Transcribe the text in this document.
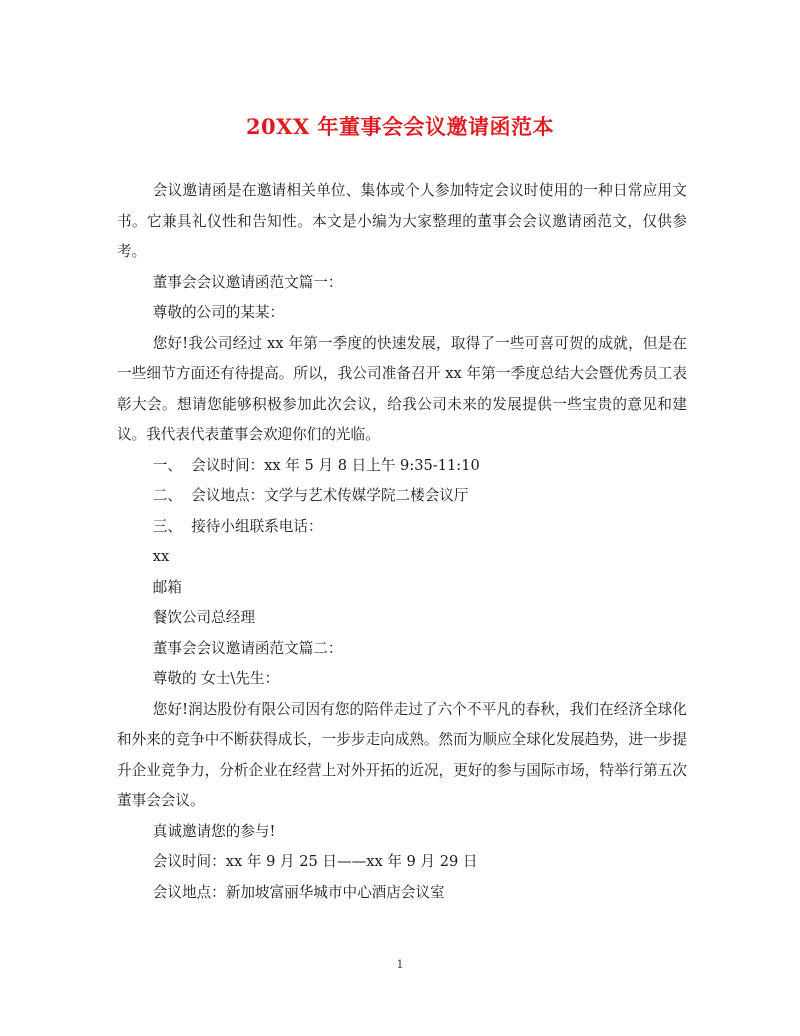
20XX 年董事会会议邀请函范本

会议邀请函是在邀请相关单位、集体或个人参加特定会议时使用的一种日常应用文书。它兼具礼仪性和告知性。本文是小编为大家整理的董事会会议邀请函范文，仅供参考。

董事会会议邀请函范文篇一：

尊敬的公司的某某：

您好!我公司经过 xx 年第一季度的快速发展，取得了一些可喜可贺的成就，但是在一些细节方面还有待提高。所以，我公司准备召开 xx 年第一季度总结大会暨优秀员工表彰大会。想请您能够积极参加此次会议，给我公司未来的发展提供一些宝贵的意见和建议。我代表代表董事会欢迎你们的光临。

一、  会议时间：xx 年 5 月 8 日上午 9:35-11:10

二、  会议地点：文学与艺术传媒学院二楼会议厅

三、  接待小组联系电话：

xx

邮箱

餐饮公司总经理

董事会会议邀请函范文篇二：

尊敬的 女士\先生：

您好!润达股份有限公司因有您的陪伴走过了六个不平凡的春秋，我们在经济全球化和外来的竞争中不断获得成长，一步步走向成熟。然而为顺应全球化发展趋势，进一步提升企业竞争力，分析企业在经营上对外开拓的近况，更好的参与国际市场，特举行第五次董事会会议。

真诚邀请您的参与!

会议时间：xx 年 9 月 25 日——xx 年 9 月 29 日

会议地点：新加坡富丽华城市中心酒店会议室

1
